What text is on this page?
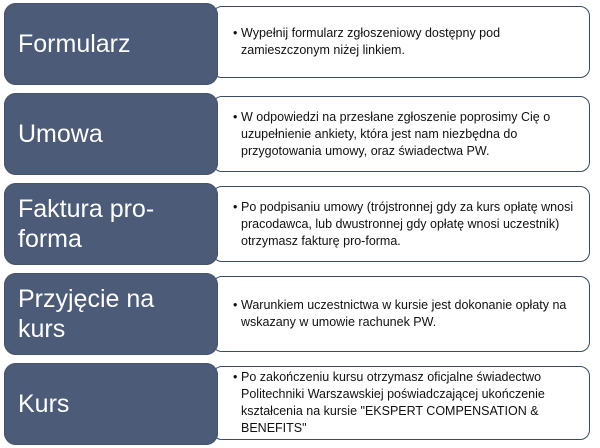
• Wypełnij formularz zgłoszeniowy dostępny pod zamieszczonym niżej linkiem.
Formularz
• W odpowiedzi na przesłane zgłoszenie poprosimy Cię o uzupełnienie ankiety, która jest nam niezbędna do przygotowania umowy, oraz świadectwa PW.
Umowa
• Po podpisaniu umowy (trójstronnej gdy za kurs opłatę wnosi pracodawca, lub dwustronnej gdy opłatę wnosi uczestnik) otrzymasz fakturę pro-forma.
Faktura pro-forma
• Warunkiem uczestnictwa w kursie jest dokonanie opłaty na wskazany w umowie rachunek PW.
Przyjęcie na kurs
• Po zakończeniu kursu otrzymasz oficjalne świadectwo Politechniki Warszawskiej poświadczającej ukończenie kształcenia na kursie "EKSPERT COMPENSATION & BENEFITS"
Kurs
